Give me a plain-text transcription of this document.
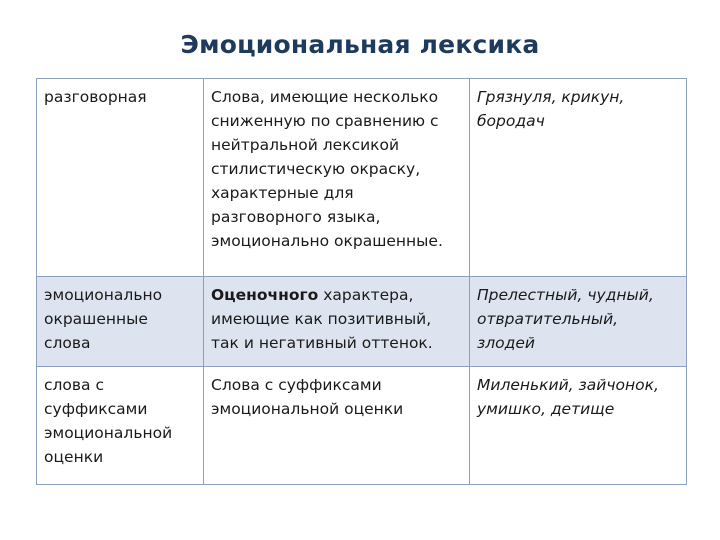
Эмоциональная лексика
разговорная	Слова, имеющие несколько сниженную по сравнению с нейтральной лексикой стилистическую окраску, характерные для разговорного языка, эмоционально окрашенные.	Грязнуля, крикун, бородач
эмоционально окрашенные слова	Оценочного характера, имеющие как позитивный, так и негативный оттенок.	Прелестный, чудный, отвратительный, злодей
слова с суффиксами эмоциональной оценки	Слова с суффиксами эмоциональной оценки	Миленький, зайчонок, умишко, детище
